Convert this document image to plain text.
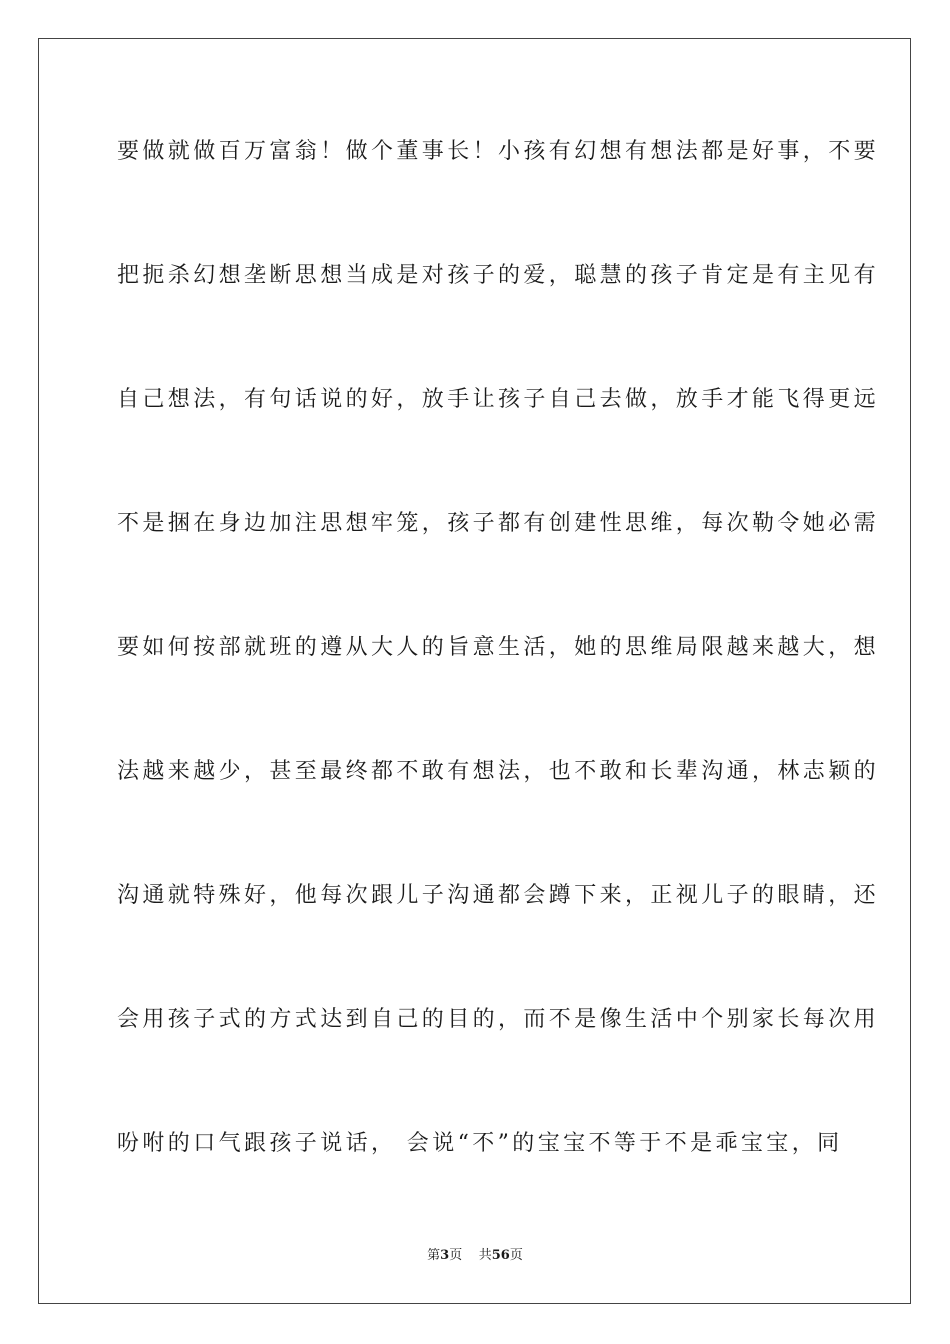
要做就做百万富翁！做个董事长！小孩有幻想有想法都是好事，不要
把扼杀幻想垄断思想当成是对孩子的爱，聪慧的孩子肯定是有主见有
自己想法，有句话说的好，放手让孩子自己去做，放手才能飞得更远
不是捆在身边加注思想牢笼，孩子都有创建性思维，每次勒令她必需
要如何按部就班的遵从大人的旨意生活，她的思维局限越来越大，想
法越来越少，甚至最终都不敢有想法，也不敢和长辈沟通，林志颖的
沟通就特殊好，他每次跟儿子沟通都会蹲下来，正视儿子的眼睛，还
会用孩子式的方式达到自己的目的，而不是像生活中个别家长每次用
吩咐的口气跟孩子说话， 会说“不”的宝宝不等于不是乖宝宝，同
第3页 共56页
